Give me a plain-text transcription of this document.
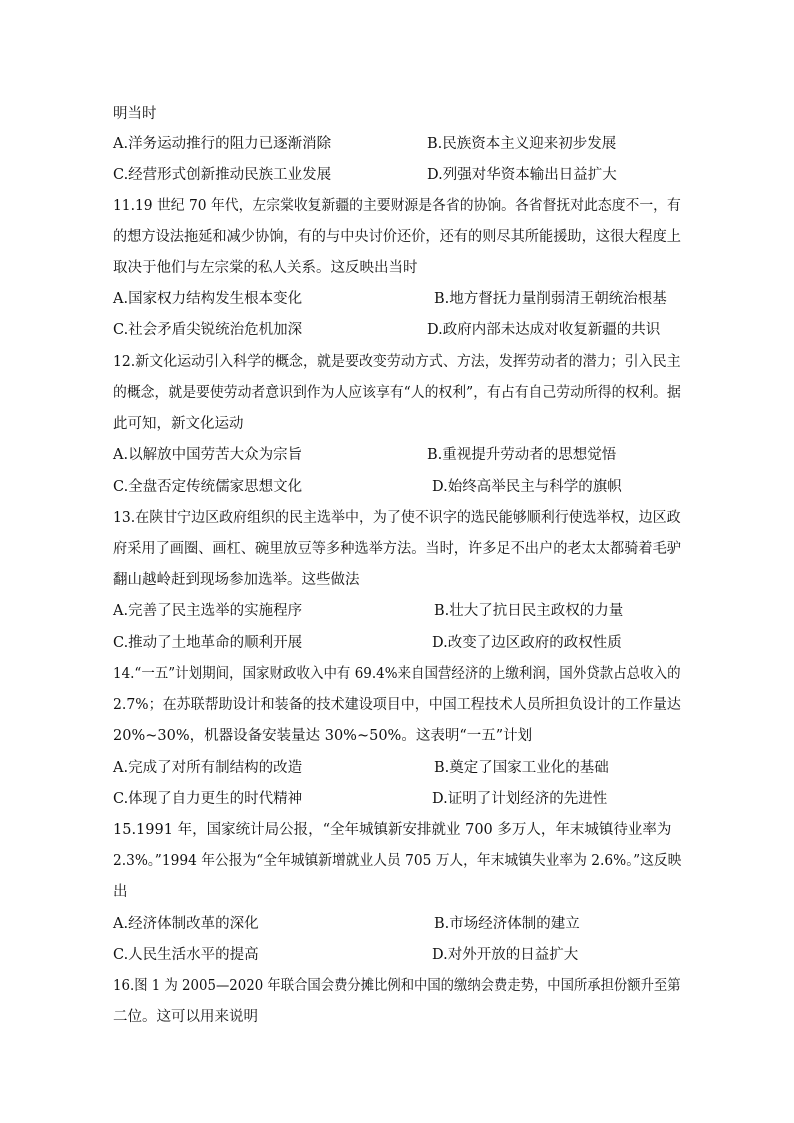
明当时
A.洋务运动推行的阻力已逐渐消除	B.民族资本主义迎来初步发展
C.经营形式创新推动民族工业发展	D.列强对华资本输出日益扩大
11.19 世纪 70 年代，左宗棠收复新疆的主要财源是各省的协饷。各省督抚对此态度不一，有
的想方设法拖延和减少协饷，有的与中央讨价还价，还有的则尽其所能援助，这很大程度上
取决于他们与左宗棠的私人关系。这反映出当时
A.国家权力结构发生根本变化	B.地方督抚力量削弱清王朝统治根基
C.社会矛盾尖锐统治危机加深	D.政府内部未达成对收复新疆的共识
12.新文化运动引入科学的概念，就是要改变劳动方式、方法，发挥劳动者的潜力；引入民主
的概念，就是要使劳动者意识到作为人应该享有“人的权利”，有占有自己劳动所得的权利。据
此可知，新文化运动
A.以解放中国劳苦大众为宗旨	B.重视提升劳动者的思想觉悟
C.全盘否定传统儒家思想文化	D.始终高举民主与科学的旗帜
13.在陕甘宁边区政府组织的民主选举中，为了使不识字的选民能够顺利行使选举权，边区政
府采用了画圈、画杠、碗里放豆等多种选举方法。当时，许多足不出户的老太太都骑着毛驴
翻山越岭赶到现场参加选举。这些做法
A.完善了民主选举的实施程序	B.壮大了抗日民主政权的力量
C.推动了土地革命的顺利开展	D.改变了边区政府的政权性质
14.“一五”计划期间，国家财政收入中有 69.4%来自国营经济的上缴利润，国外贷款占总收入的
2.7%；在苏联帮助设计和装备的技术建设项目中，中国工程技术人员所担负设计的工作量达
20%~30%，机器设备安装量达 30%~50%。这表明“一五”计划
A.完成了对所有制结构的改造	B.奠定了国家工业化的基础
C.体现了自力更生的时代精神	D.证明了计划经济的先进性
15.1991 年，国家统计局公报，“全年城镇新安排就业 700 多万人，年末城镇待业率为
2.3%。”1994 年公报为“全年城镇新增就业人员 705 万人，年末城镇失业率为 2.6%。”这反映
出
A.经济体制改革的深化	B.市场经济体制的建立
C.人民生活水平的提高	D.对外开放的日益扩大
16.图 1 为 2005—2020 年联合国会费分摊比例和中国的缴纳会费走势，中国所承担份额升至第
二位。这可以用来说明
